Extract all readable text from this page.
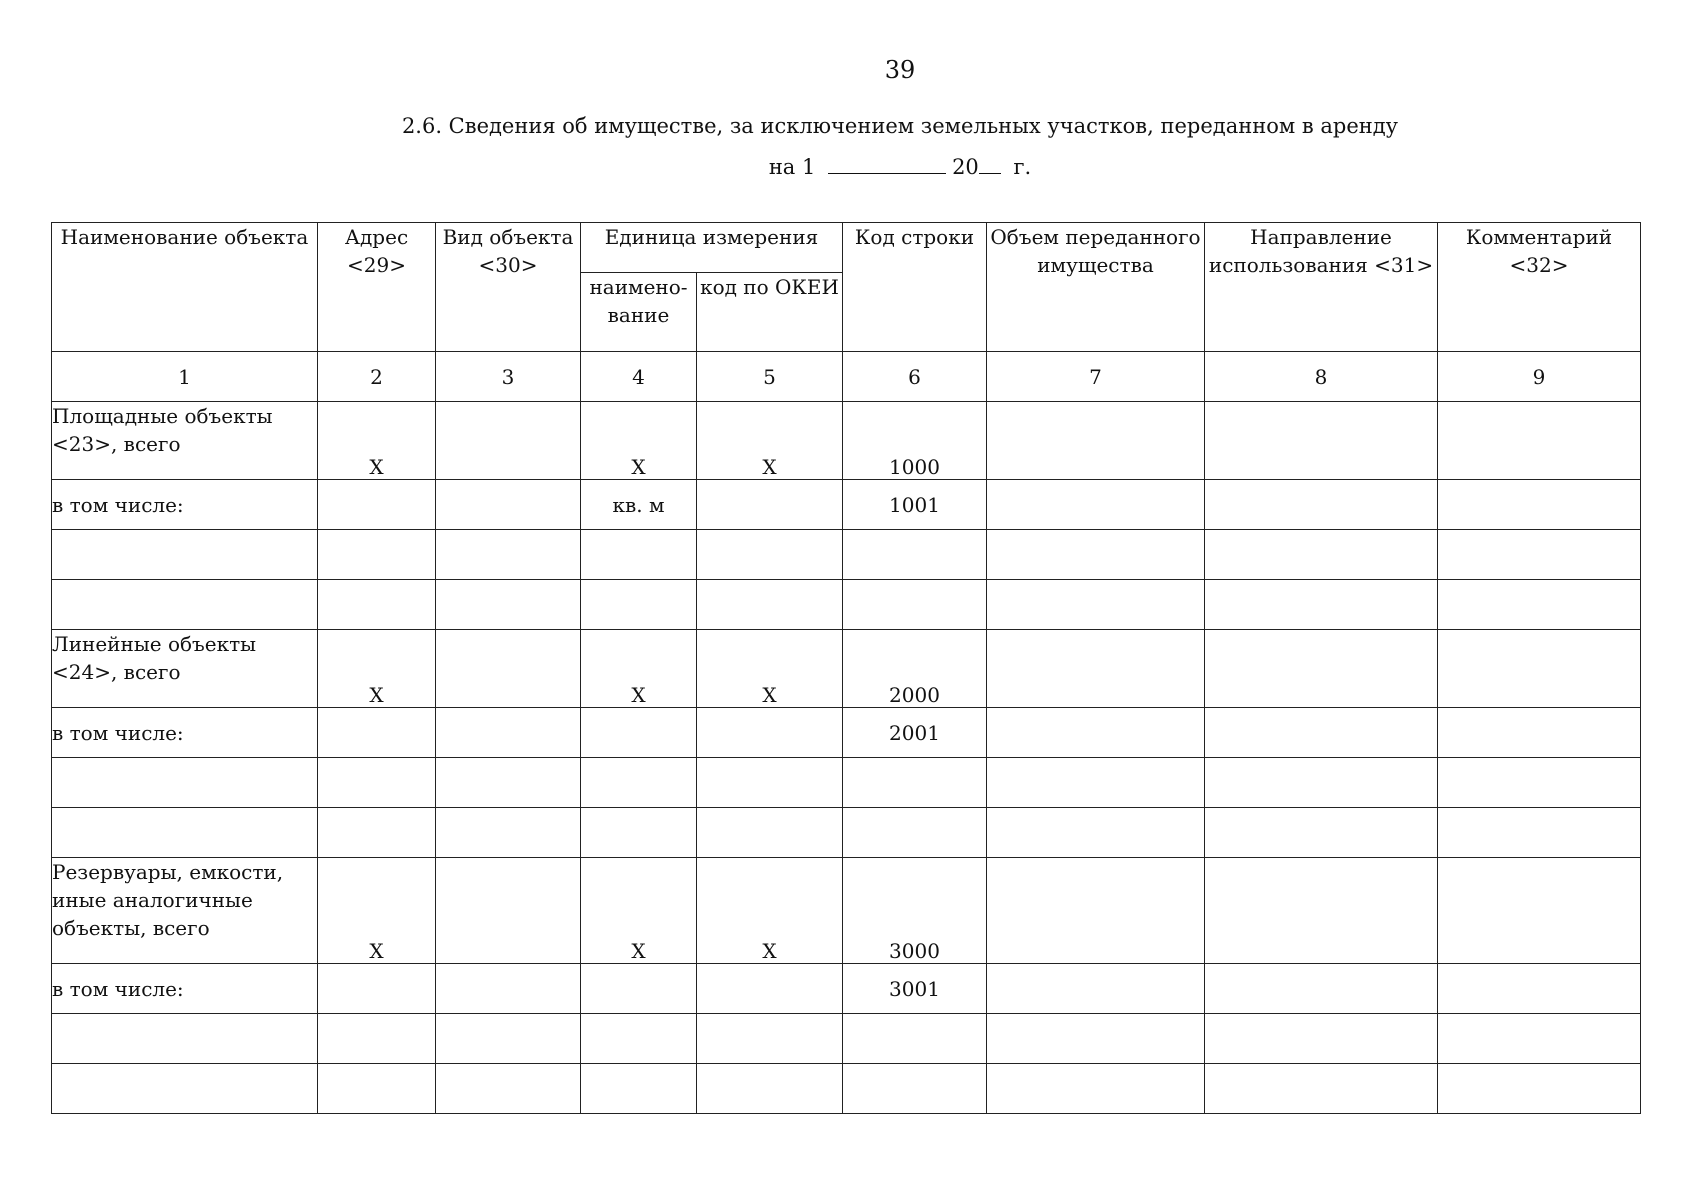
39
2.6. Сведения об имуществе, за исключением земельных участков, переданном в аренду
на 1	20 г.
Наименование объекта	Адрес <29>	Вид объекта <30>	Единица измерения		Код строки	Объем переданного имущества	Направление использования <31>	Комментарий <32>
			наимено-вание	код по ОКЕИ				
1	2	3	4	5	6	7	8	9
Площадные объекты <23>, всего	X		X	X	1000			
в том числе:			кв. м		1001			

Линейные объекты <24>, всего	X		X	X	2000			
в том числе:					2001			

Резервуары, емкости, иные аналогичные объекты, всего	X		X	X	3000			
в том числе:					3001			
